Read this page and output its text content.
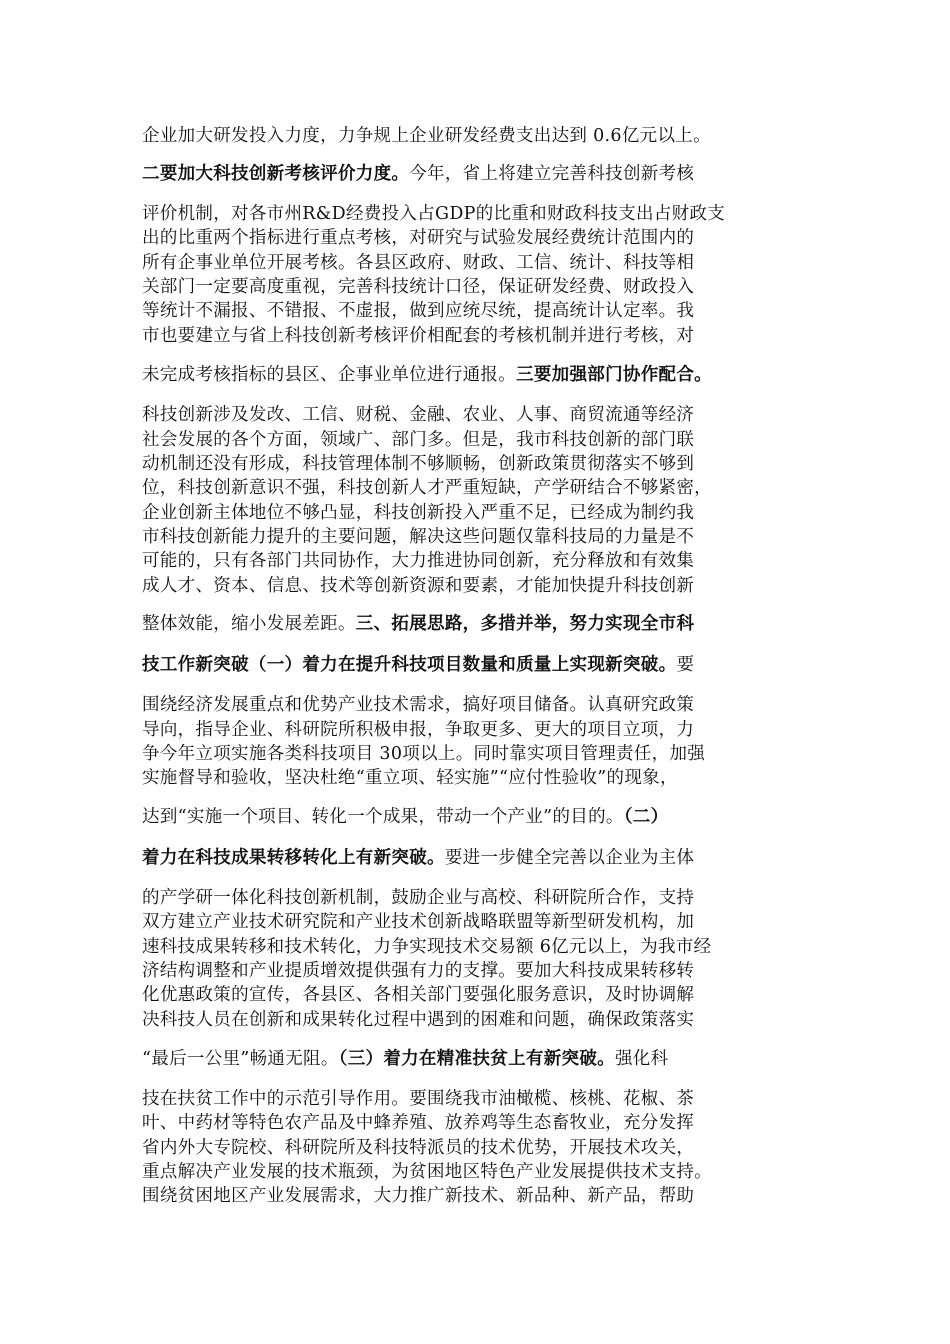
企业加大研发投入力度，力争规上企业研发经费支出达到 0.6亿元以上。
二要加大科技创新考核评价力度。今年，省上将建立完善科技创新考核
评价机制，对各市州R&D经费投入占GDP的比重和财政科技支出占财政支
出的比重两个指标进行重点考核，对研究与试验发展经费统计范围内的
所有企事业单位开展考核。各县区政府、财政、工信、统计、科技等相
关部门一定要高度重视，完善科技统计口径，保证研发经费、财政投入
等统计不漏报、不错报、不虚报，做到应统尽统，提高统计认定率。我
市也要建立与省上科技创新考核评价相配套的考核机制并进行考核，对
未完成考核指标的县区、企事业单位进行通报。三要加强部门协作配合。
科技创新涉及发改、工信、财税、金融、农业、人事、商贸流通等经济
社会发展的各个方面，领域广、部门多。但是，我市科技创新的部门联
动机制还没有形成，科技管理体制不够顺畅，创新政策贯彻落实不够到
位，科技创新意识不强，科技创新人才严重短缺，产学研结合不够紧密，
企业创新主体地位不够凸显，科技创新投入严重不足，已经成为制约我
市科技创新能力提升的主要问题，解决这些问题仅靠科技局的力量是不
可能的，只有各部门共同协作，大力推进协同创新，充分释放和有效集
成人才、资本、信息、技术等创新资源和要素，才能加快提升科技创新
整体效能，缩小发展差距。三、拓展思路，多措并举，努力实现全市科
技工作新突破（一）着力在提升科技项目数量和质量上实现新突破。要
围绕经济发展重点和优势产业技术需求，搞好项目储备。认真研究政策
导向，指导企业、科研院所积极申报，争取更多、更大的项目立项，力
争今年立项实施各类科技项目 30项以上。同时靠实项目管理责任，加强
实施督导和验收，坚决杜绝“重立项、轻实施”“应付性验收”的现象，
达到“实施一个项目、转化一个成果，带动一个产业”的目的。（二）
着力在科技成果转移转化上有新突破。要进一步健全完善以企业为主体
的产学研一体化科技创新机制，鼓励企业与高校、科研院所合作，支持
双方建立产业技术研究院和产业技术创新战略联盟等新型研发机构，加
速科技成果转移和技术转化，力争实现技术交易额 6亿元以上，为我市经
济结构调整和产业提质增效提供强有力的支撑。要加大科技成果转移转
化优惠政策的宣传，各县区、各相关部门要强化服务意识，及时协调解
决科技人员在创新和成果转化过程中遇到的困难和问题，确保政策落实
“最后一公里”畅通无阻。（三）着力在精准扶贫上有新突破。强化科
技在扶贫工作中的示范引导作用。要围绕我市油橄榄、核桃、花椒、茶
叶、中药材等特色农产品及中蜂养殖、放养鸡等生态畜牧业，充分发挥
省内外大专院校、科研院所及科技特派员的技术优势，开展技术攻关，
重点解决产业发展的技术瓶颈，为贫困地区特色产业发展提供技术支持。
围绕贫困地区产业发展需求，大力推广新技术、新品种、新产品，帮助
